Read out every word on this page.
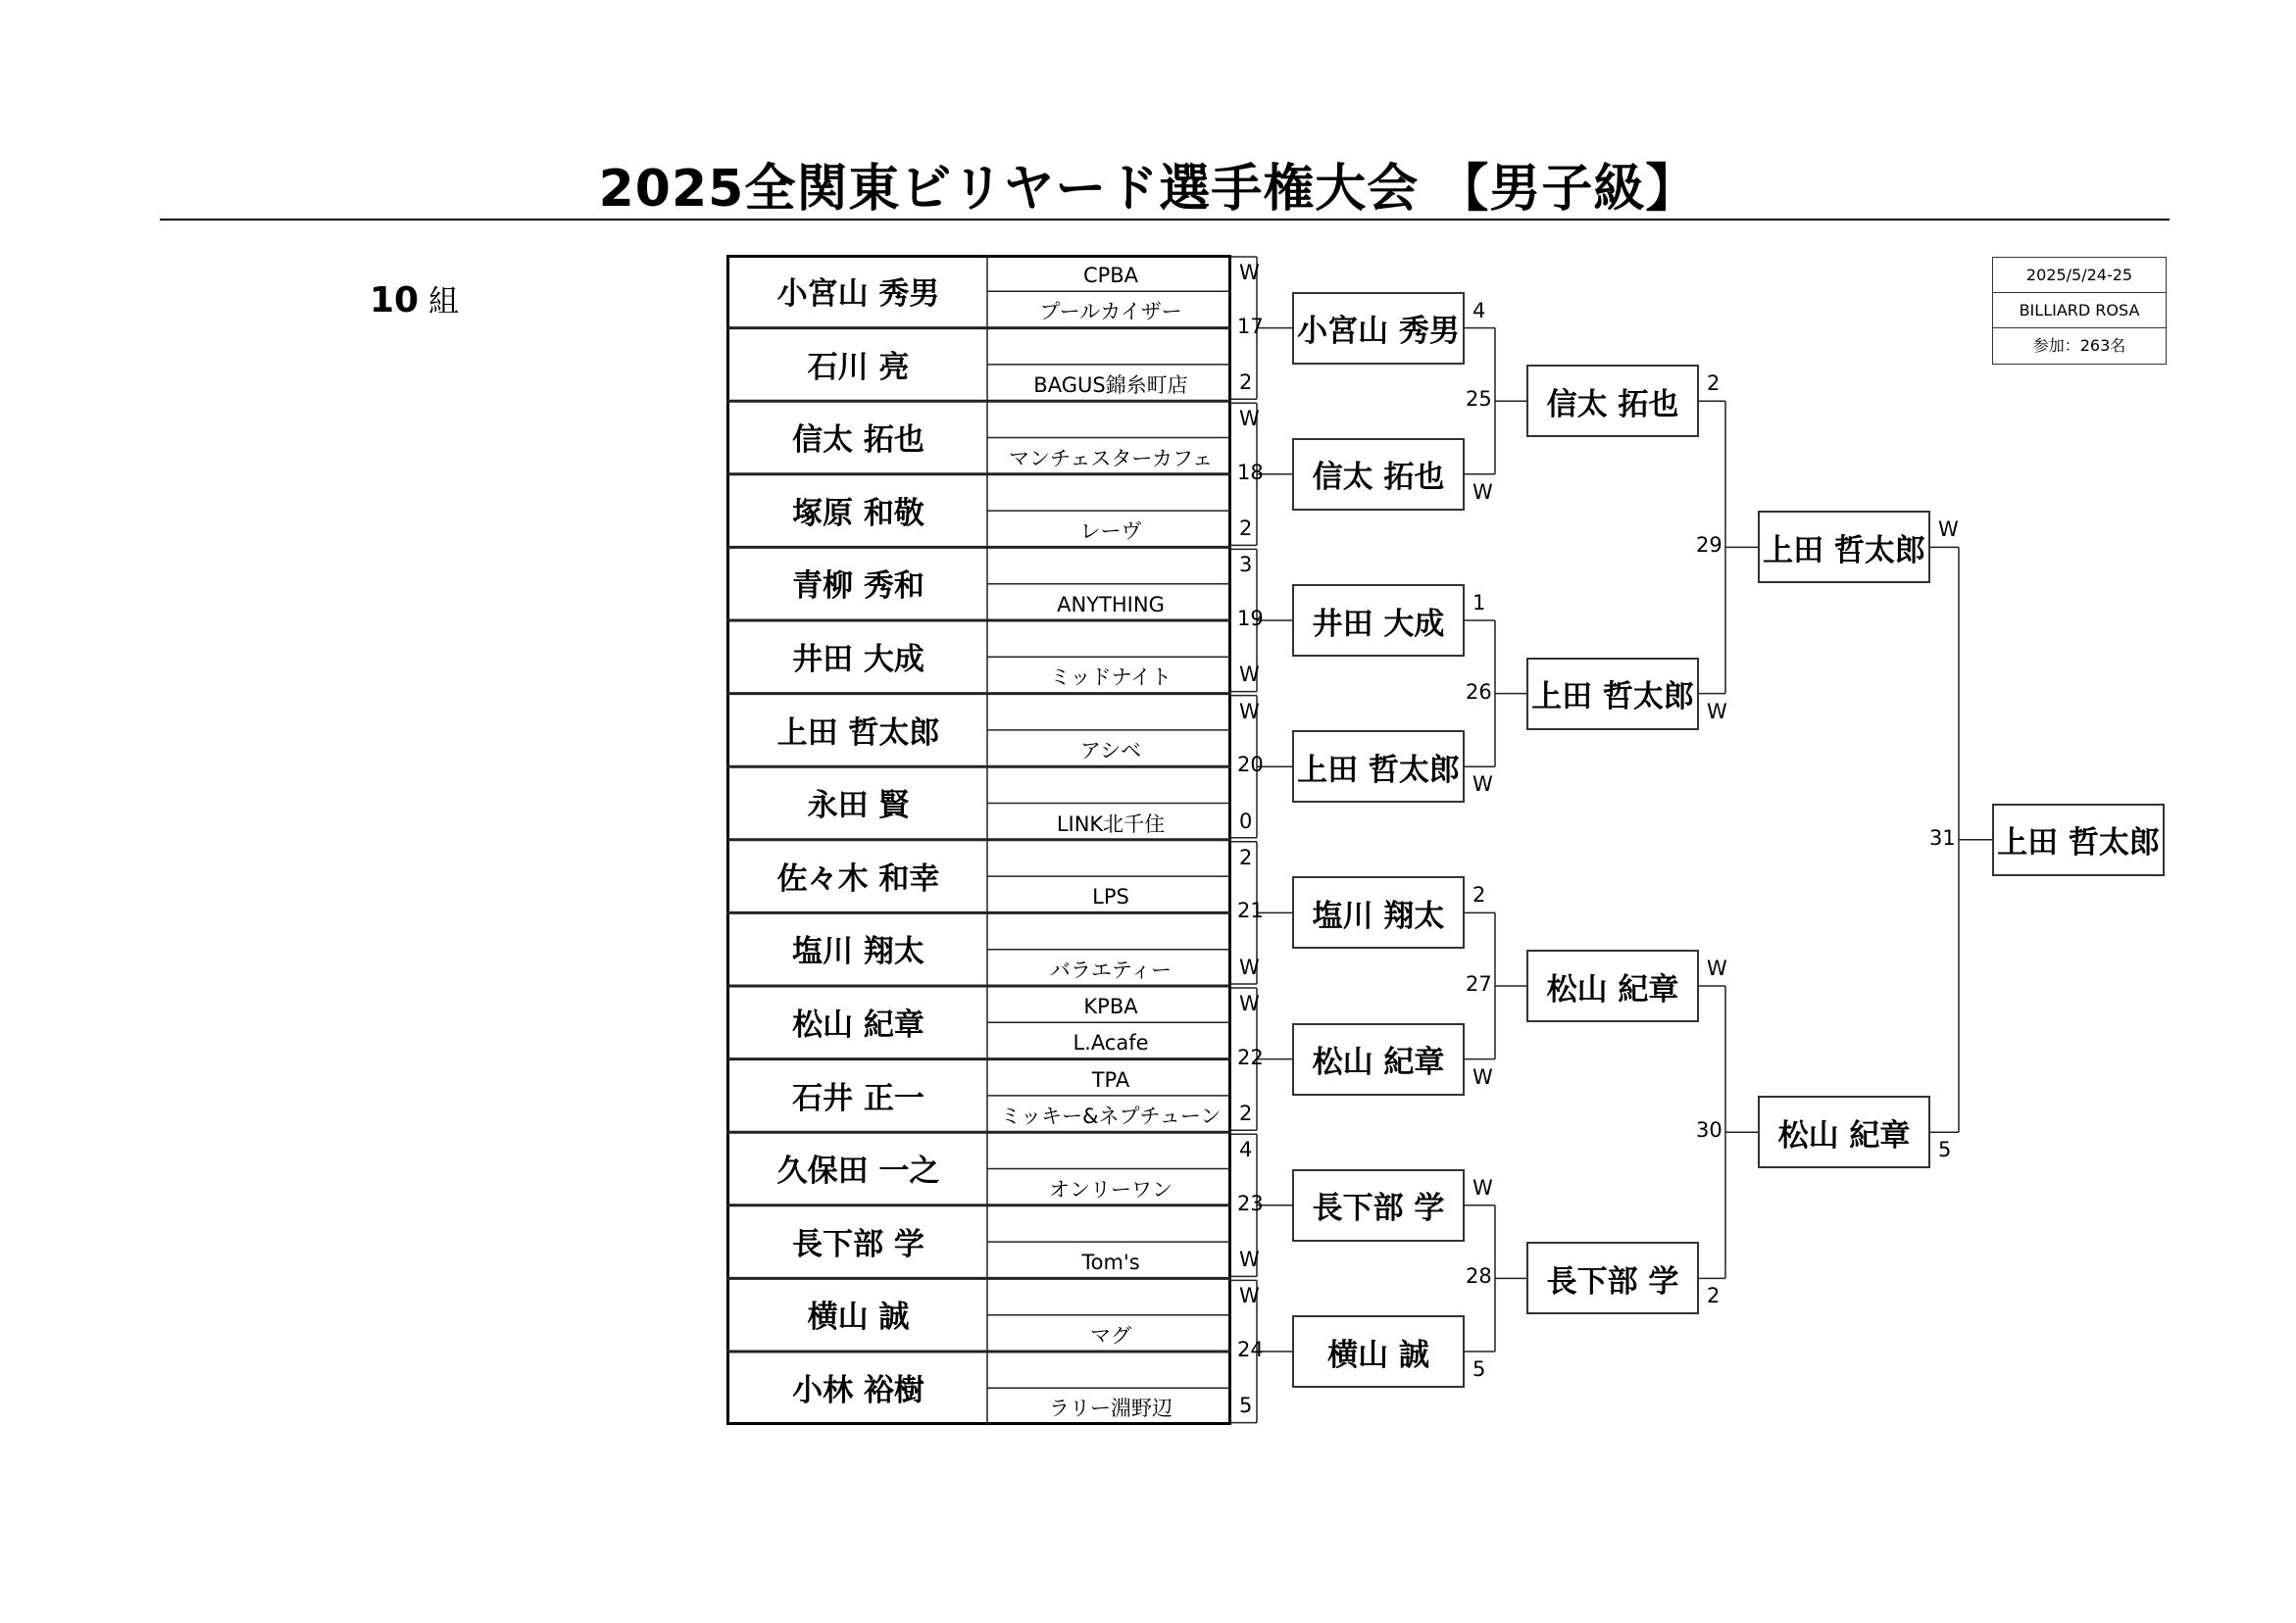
2025全関東ビリヤード選手権大会 【男子級】
10 組
2025/5/24-25
BILLIARD ROSA
参加：263名
小宮山 秀男
CPBA
プールカイザー
石川 亮
BAGUS錦糸町店
信太 拓也
マンチェスターカフェ
塚原 和敬
レーヴ
青柳 秀和
ANYTHING
井田 大成
ミッドナイト
上田 哲太郎
アシベ
永田 賢
LINK北千住
佐々木 和幸
LPS
塩川 翔太
バラエティー
松山 紀章
KPBA
L.Acafe
石井 正一
TPA
ミッキー&ネプチューン
久保田 一之
オンリーワン
長下部 学
Tom's
横山 誠
マグ
小林 裕樹
ラリー淵野辺
W
2
W
2
3
W
W
0
2
W
W
2
4
W
W
5
小宮山 秀男
信太 拓也
井田 大成
上田 哲太郎
塩川 翔太
松山 紀章
長下部 学
横山 誠
信太 拓也
上田 哲太郎
松山 紀章
長下部 学
上田 哲太郎
松山 紀章
上田 哲太郎
4
W
25
1
W
26
2
W
27
W
5
28
2
W
29
W
2
30
W
5
31
17
18
19
20
21
22
23
24
